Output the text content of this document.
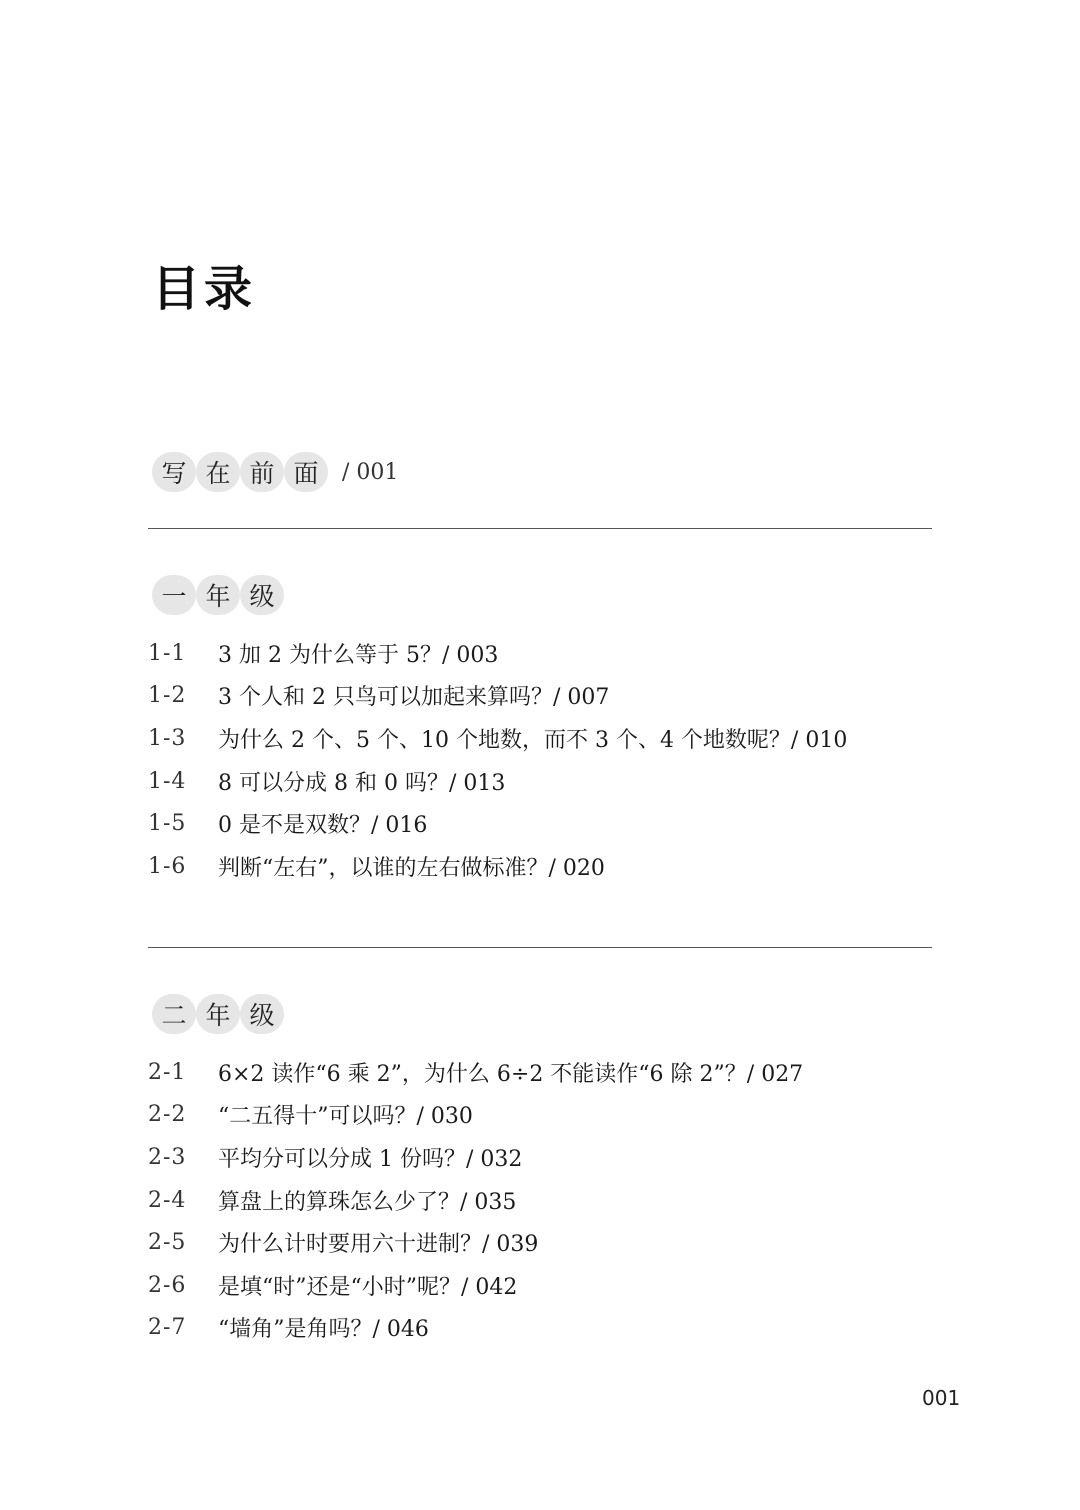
目录
写 在 前 面	/ 001
一 年 级
1-1	3 加 2 为什么等于 5？/ 003
1-2	3 个人和 2 只鸟可以加起来算吗？/ 007
1-3	为什么 2 个、5 个、10 个地数，而不 3 个、4 个地数呢？/ 010
1-4	8 可以分成 8 和 0 吗？/ 013
1-5	0 是不是双数？/ 016
1-6	判断“左右”，以谁的左右做标准？/ 020
二 年 级
2-1	6×2 读作“6 乘 2”，为什么 6÷2 不能读作“6 除 2”？/ 027
2-2	“二五得十”可以吗？/ 030
2-3	平均分可以分成 1 份吗？/ 032
2-4	算盘上的算珠怎么少了？/ 035
2-5	为什么计时要用六十进制？/ 039
2-6	是填“时”还是“小时”呢？/ 042
2-7	“墙角”是角吗？/ 046
001
